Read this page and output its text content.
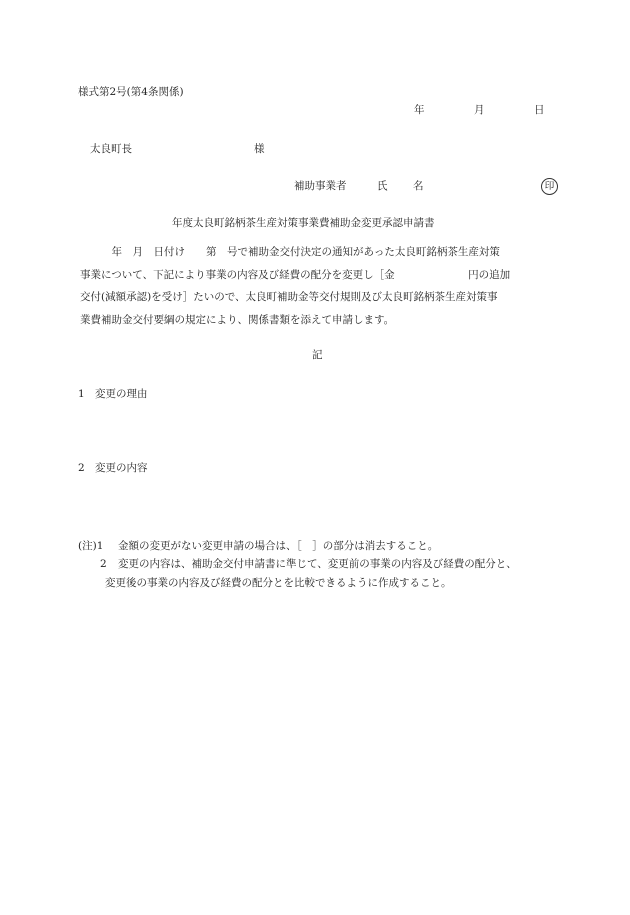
様式第2号(第4条関係)
年	月	日
太良町長	様
補助事業者	氏 名	印
年度太良町銘柄茶生産対策事業費補助金変更承認申請書
　　　年　月　日付け　　第　号で補助金交付決定の通知があった太良町銘柄茶生産対策
事業について、下記により事業の内容及び経費の配分を変更し［金　　　　　　　円の追加
交付(減額承認)を受け］たいので、太良町補助金等交付規則及び太良町銘柄茶生産対策事
業費補助金交付要綱の規定により、関係書類を添えて申請します。
記
1 変更の理由
2 変更の内容
(注)1 金額の変更がない変更申請の場合は、［　］の部分は消去すること。
2 変更の内容は、補助金交付申請書に準じて、変更前の事業の内容及び経費の配分と、
変更後の事業の内容及び経費の配分とを比較できるように作成すること。
